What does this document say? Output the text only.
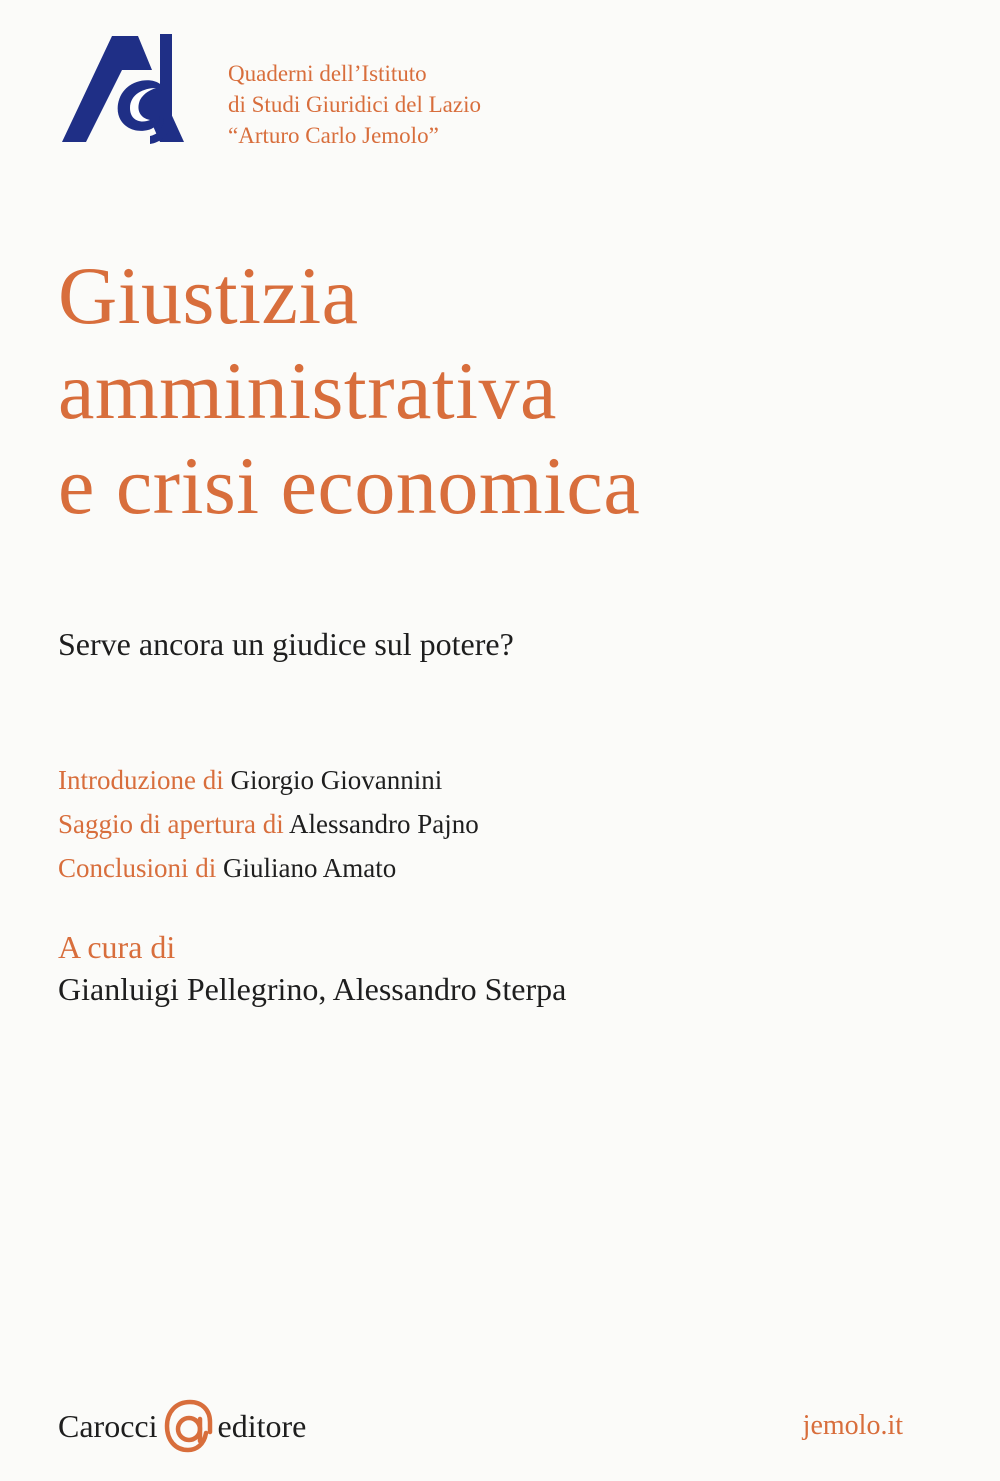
Quaderni dell’Istituto
di Studi Giuridici del Lazio
“Arturo Carlo Jemolo”
Giustizia
amministrativa
e crisi economica
Serve ancora un giudice sul potere?
Introduzione di Giorgio Giovannini
Saggio di apertura di Alessandro Pajno
Conclusioni di Giuliano Amato
A cura di
Gianluigi Pellegrino, Alessandro Sterpa
Carocci editore	jemolo.it
